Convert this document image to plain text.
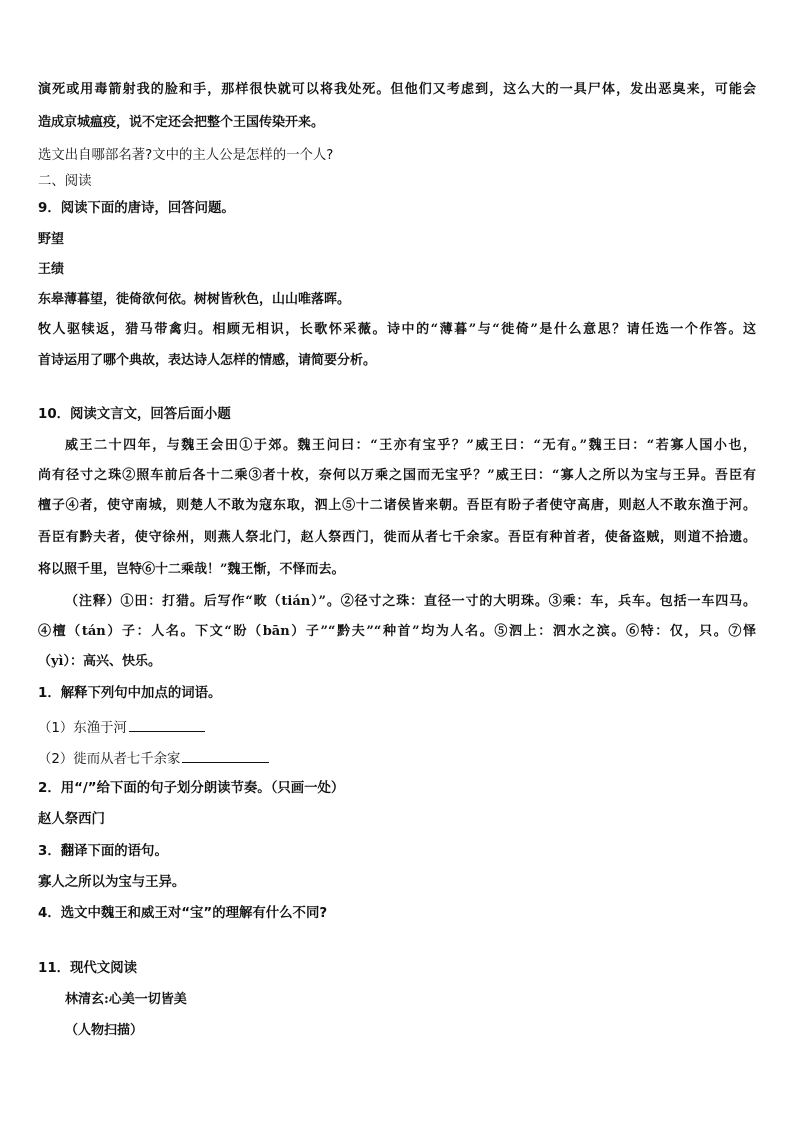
演死或用毒箭射我的脸和手，那样很快就可以将我处死。但他们又考虑到，这么大的一具尸体，发出恶臭来，可能会
造成京城瘟疫，说不定还会把整个王国传染开来。
选文出自哪部名著?文中的主人公是怎样的一个人?
二、阅读
9．阅读下面的唐诗，回答问题。
野望
王绩
东皋薄暮望，徙倚欲何依。树树皆秋色，山山唯落晖。
牧人驱犊返，猎马带禽归。相顾无相识，长歌怀采薇。诗中的“薄暮”与“徙倚”是什么意思？请任选一个作答。这
首诗运用了哪个典故，表达诗人怎样的情感，请简要分析。
10．阅读文言文，回答后面小题
威王二十四年，与魏王会田①于郊。魏王问曰：“王亦有宝乎？”威王曰：“无有。”魏王曰：“若寡人国小也，
尚有径寸之珠②照车前后各十二乘③者十枚，奈何以万乘之国而无宝乎？”威王曰：“寡人之所以为宝与王异。吾臣有
檀子④者，使守南城，则楚人不敢为寇东取，泗上⑤十二诸侯皆来朝。吾臣有盼子者使守高唐，则赵人不敢东渔于河。
吾臣有黔夫者，使守徐州，则燕人祭北门，赵人祭西门，徙而从者七千余家。吾臣有种首者，使备盗贼，则道不拾遗。
将以照千里，岂特⑥十二乘哉！”魏王惭，不怿而去。
（注释）①田：打猎。后写作“畋（tián）”。②径寸之珠：直径一寸的大明珠。③乘：车，兵车。包括一车四马。
④檀（tán）子：人名。下文“盼（bān）子”“黔夫”“种首”均为人名。⑤泗上：泗水之滨。⑥特：仅，只。⑦怿
（yì）：高兴、快乐。
1．解释下列句中加点的词语。
（1）东渔于河
（2）徙而从者七千余家
2．用“/”给下面的句子划分朗读节奏。（只画一处）
赵人祭西门
3．翻译下面的语句。
寡人之所以为宝与王异。
4．选文中魏王和威王对“宝”的理解有什么不同?
11．现代文阅读
林清玄:心美一切皆美
（人物扫描）
